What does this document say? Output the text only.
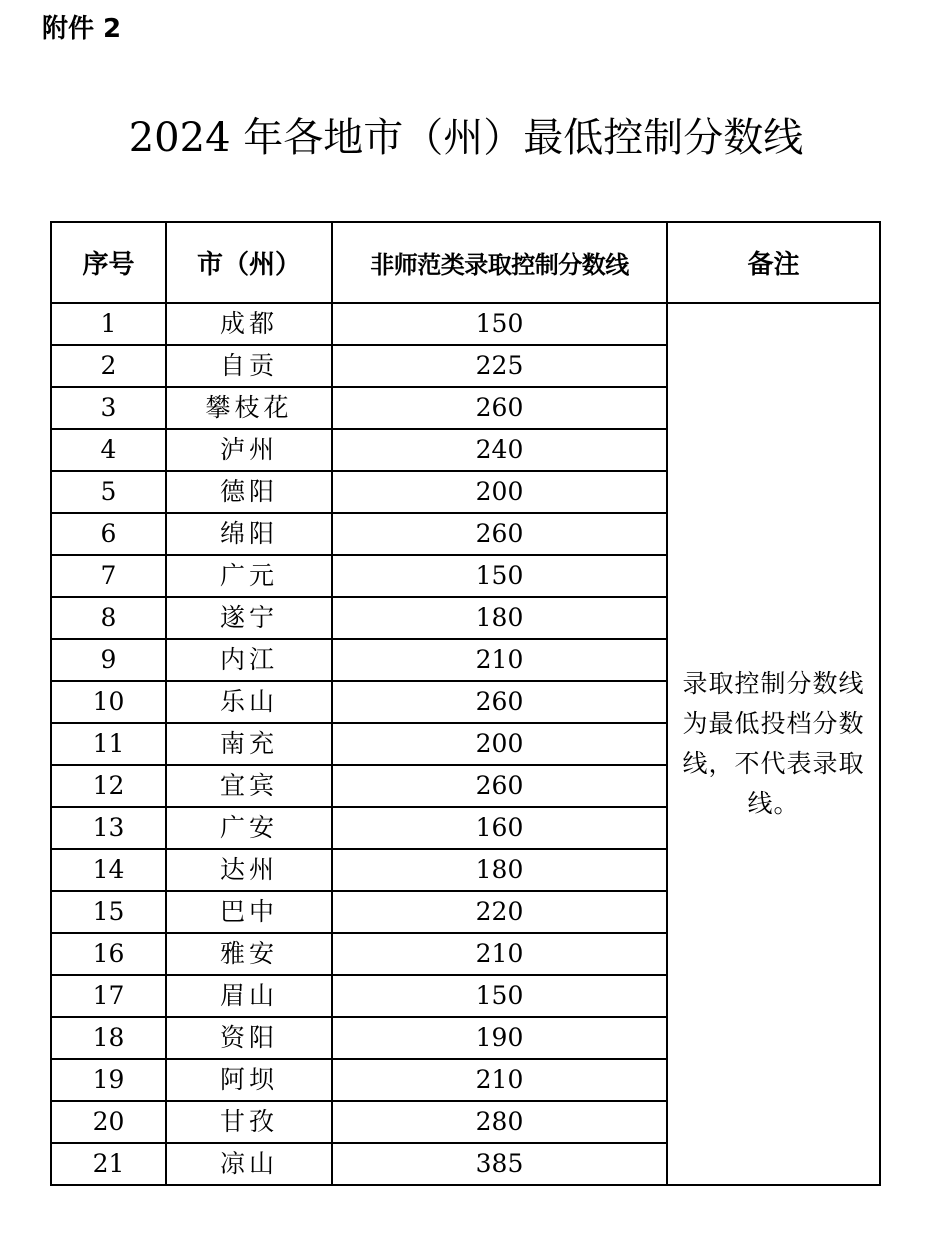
附件 2
2024 年各地市（州）最低控制分数线
序号	市（州）	非师范类录取控制分数线	备注
1	成都	150	录取控制分数线为最低投档分数线，不代表录取线。
2	自贡	225	
3	攀枝花	260	
4	泸州	240	
5	德阳	200	
6	绵阳	260	
7	广元	150	
8	遂宁	180	
9	内江	210	
10	乐山	260	
11	南充	200	
12	宜宾	260	
13	广安	160	
14	达州	180	
15	巴中	220	
16	雅安	210	
17	眉山	150	
18	资阳	190	
19	阿坝	210	
20	甘孜	280	
21	凉山	385	
